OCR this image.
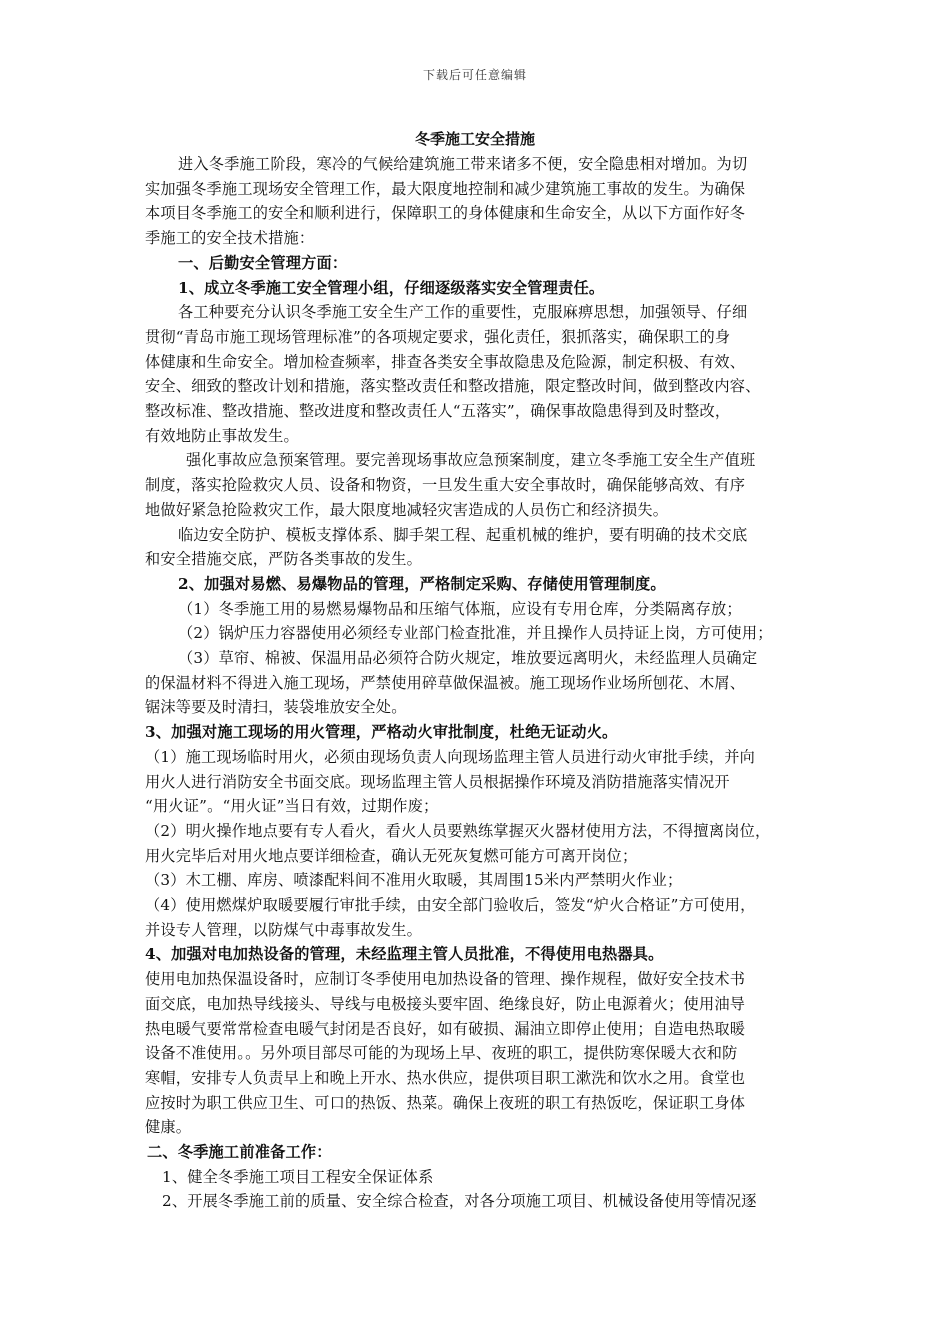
下载后可任意编辑
冬季施工安全措施
进入冬季施工阶段，寒冷的气候给建筑施工带来诸多不便，安全隐患相对增加。为切
实加强冬季施工现场安全管理工作，最大限度地控制和减少建筑施工事故的发生。为确保
本项目冬季施工的安全和顺利进行，保障职工的身体健康和生命安全，从以下方面作好冬
季施工的安全技术措施：
一、后勤安全管理方面：
1、成立冬季施工安全管理小组，仔细逐级落实安全管理责任。
各工种要充分认识冬季施工安全生产工作的重要性，克服麻痹思想，加强领导、仔细
贯彻“青岛市施工现场管理标准”的各项规定要求，强化责任，狠抓落实，确保职工的身
体健康和生命安全。增加检查频率，排查各类安全事故隐患及危险源，制定积极、有效、
安全、细致的整改计划和措施，落实整改责任和整改措施，限定整改时间，做到整改内容、
整改标准、整改措施、整改进度和整改责任人“五落实”，确保事故隐患得到及时整改，
有效地防止事故发生。
强化事故应急预案管理。要完善现场事故应急预案制度，建立冬季施工安全生产值班
制度，落实抢险救灾人员、设备和物资，一旦发生重大安全事故时，确保能够高效、有序
地做好紧急抢险救灾工作，最大限度地减轻灾害造成的人员伤亡和经济损失。
临边安全防护、模板支撑体系、脚手架工程、起重机械的维护，要有明确的技术交底
和安全措施交底，严防各类事故的发生。
2、加强对易燃、易爆物品的管理，严格制定采购、存储使用管理制度。
（1）冬季施工用的易燃易爆物品和压缩气体瓶，应设有专用仓库，分类隔离存放；
（2）锅炉压力容器使用必须经专业部门检查批准，并且操作人员持证上岗，方可使用；
（3）草帘、棉被、保温用品必须符合防火规定，堆放要远离明火，未经监理人员确定
的保温材料不得进入施工现场，严禁使用碎草做保温被。施工现场作业场所刨花、木屑、
锯沫等要及时清扫，装袋堆放安全处。
3、加强对施工现场的用火管理，严格动火审批制度，杜绝无证动火。
（1）施工现场临时用火，必须由现场负责人向现场监理主管人员进行动火审批手续，并向
用火人进行消防安全书面交底。现场监理主管人员根据操作环境及消防措施落实情况开
“用火证”。“用火证”当日有效，过期作废；
（2）明火操作地点要有专人看火，看火人员要熟练掌握灭火器材使用方法，不得擅离岗位，
用火完毕后对用火地点要详细检查，确认无死灰复燃可能方可离开岗位；
（3）木工棚、库房、喷漆配料间不准用火取暖，其周围15米内严禁明火作业；
（4）使用燃煤炉取暖要履行审批手续，由安全部门验收后，签发“炉火合格证”方可使用，
并设专人管理，以防煤气中毒事故发生。
4、加强对电加热设备的管理，未经监理主管人员批准，不得使用电热器具。
使用电加热保温设备时，应制订冬季使用电加热设备的管理、操作规程，做好安全技术书
面交底，电加热导线接头、导线与电极接头要牢固、绝缘良好，防止电源着火；使用油导
热电暖气要常常检查电暖气封闭是否良好，如有破损、漏油立即停止使用；自造电热取暖
设备不准使用。。另外项目部尽可能的为现场上早、夜班的职工，提供防寒保暖大衣和防
寒帽，安排专人负责早上和晚上开水、热水供应，提供项目职工漱洗和饮水之用。食堂也
应按时为职工供应卫生、可口的热饭、热菜。确保上夜班的职工有热饭吃，保证职工身体
健康。
二、冬季施工前准备工作：
1、健全冬季施工项目工程安全保证体系
2、开展冬季施工前的质量、安全综合检查，对各分项施工项目、机械设备使用等情况逐
